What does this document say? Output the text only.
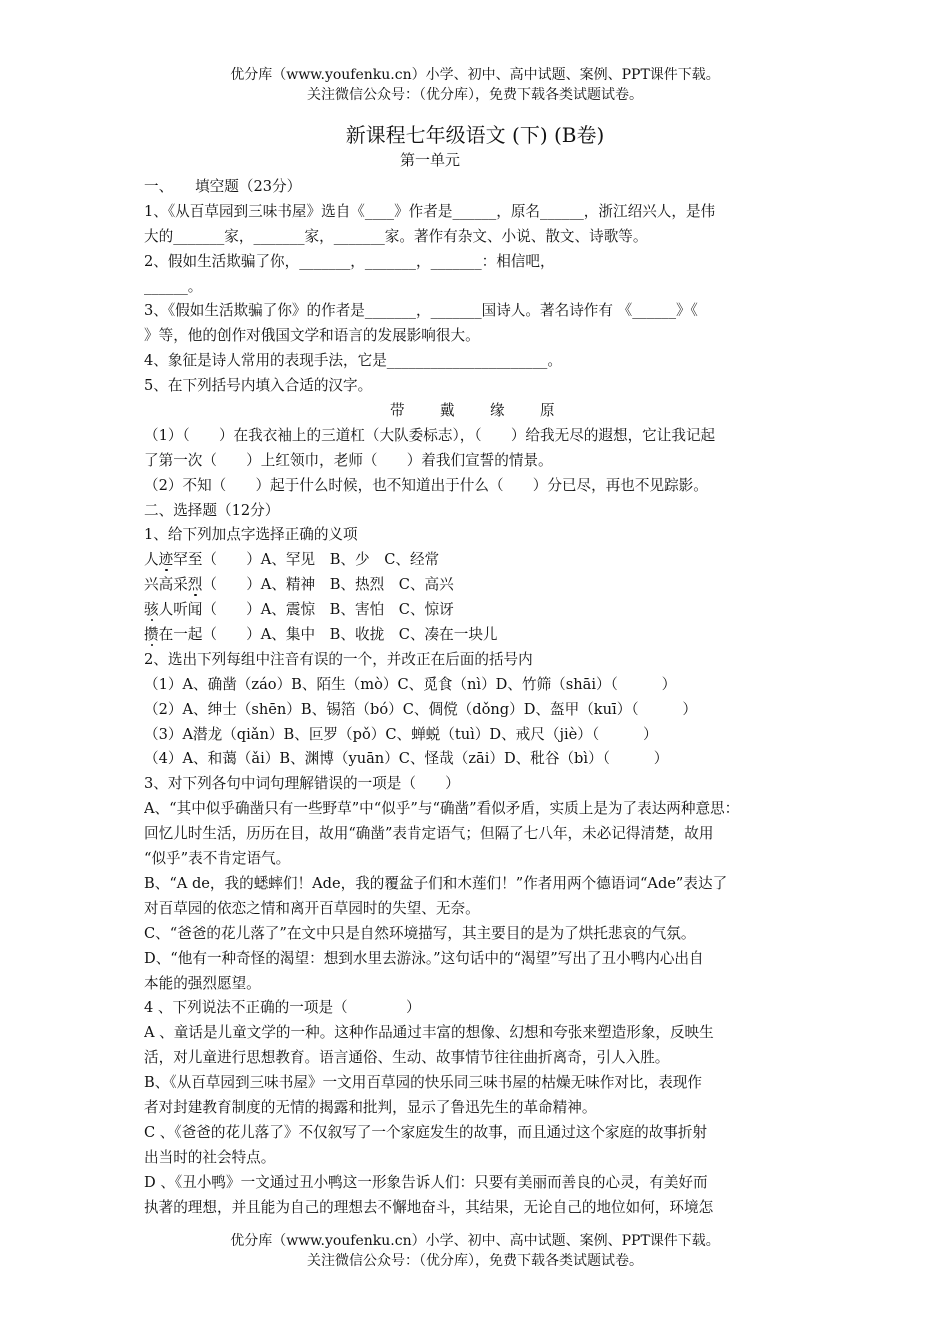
优分库（www.youfenku.cn）小学、初中、高中试题、案例、PPT课件下载。
关注微信公众号：（优分库），免费下载各类试题试卷。
新课程七年级语文 (下) (B卷)
第一单元
一、　　填空题（23分）
1、《从百草园到三味书屋》选自《____》作者是______，原名______，浙江绍兴人，是伟
大的_______家，_______家，_______家。著作有杂文、小说、散文、诗歌等。
2、假如生活欺骗了你，_______，_______，_______：相信吧，
______。
3、《假如生活欺骗了你》的作者是_______，_______国诗人。著名诗作有 《______》《
》等，他的创作对俄国文学和语言的发展影响很大。
4、象征是诗人常用的表现手法，它是______________________。
5、在下列括号内填入合适的汉字。
带 戴 缘 原
（1）（　　）在我衣袖上的三道杠（大队委标志），（　　）给我无尽的遐想，它让我记起
了第一次（　　）上红领巾，老师（　　）着我们宣誓的情景。
（2）不知（　　）起于什么时候，也不知道出于什么（　　）分已尽，再也不见踪影。
二、选择题（12分）
1、给下列加点字选择正确的义项
人迹罕至（　　）A、罕见　B、少　C、经常
兴高采烈（　　）A、精神　B、热烈　C、高兴
骇人听闻（　　）A、震惊　B、害怕　C、惊讶
攒在一起（　　）A、集中　B、收拢　C、凑在一块儿
2、选出下列每组中注音有误的一个，并改正在后面的括号内
（1）A、确凿（záo）B、陌生（mò）C、觅食（nì）D、竹筛（shāi）（　　　）
（2）A、绅士（shēn）B、锡箔（bó）C、倜傥（dǒng）D、盔甲（kuī）（　　　）
（3）A潜龙（qiǎn）B、叵罗（pǒ）C、蝉蜕（tuì）D、戒尺（jiè）（　　　）
（4）A、和蔼（ǎi）B、渊博（yuān）C、怪哉（zāi）D、秕谷（bì）（　　　）
3、对下列各句中词句理解错误的一项是（　　）
A、“其中似乎确凿只有一些野草”中“似乎”与“确凿”看似矛盾，实质上是为了表达两种意思：
回忆儿时生活，历历在目，故用“确凿”表肯定语气；但隔了七八年，未必记得清楚，故用
“似乎”表不肯定语气。
B、“A de，我的蟋蟀们！Ade，我的覆盆子们和木莲们！”作者用两个德语词“Ade”表达了
对百草园的依恋之情和离开百草园时的失望、无奈。
C、“爸爸的花儿落了”在文中只是自然环境描写，其主要目的是为了烘托悲哀的气氛。
D、“他有一种奇怪的渴望：想到水里去游泳。”这句话中的“渴望”写出了丑小鸭内心出自
本能的强烈愿望。
4 、下列说法不正确的一项是（　　　　）
A 、童话是儿童文学的一种。这种作品通过丰富的想像、幻想和夸张来塑造形象，反映生
活，对儿童进行思想教育。语言通俗、生动、故事情节往往曲折离奇，引人入胜。
B、《从百草园到三味书屋》一文用百草园的快乐同三味书屋的枯燥无味作对比，表现作
者对封建教育制度的无情的揭露和批判，显示了鲁迅先生的革命精神。
C 、《爸爸的花儿落了》不仅叙写了一个家庭发生的故事，而且通过这个家庭的故事折射
出当时的社会特点。
D 、《丑小鸭》一文通过丑小鸭这一形象告诉人们：只要有美丽而善良的心灵，有美好而
执著的理想，并且能为自己的理想去不懈地奋斗，其结果，无论自己的地位如何，环境怎
优分库（www.youfenku.cn）小学、初中、高中试题、案例、PPT课件下载。
关注微信公众号：（优分库），免费下载各类试题试卷。
